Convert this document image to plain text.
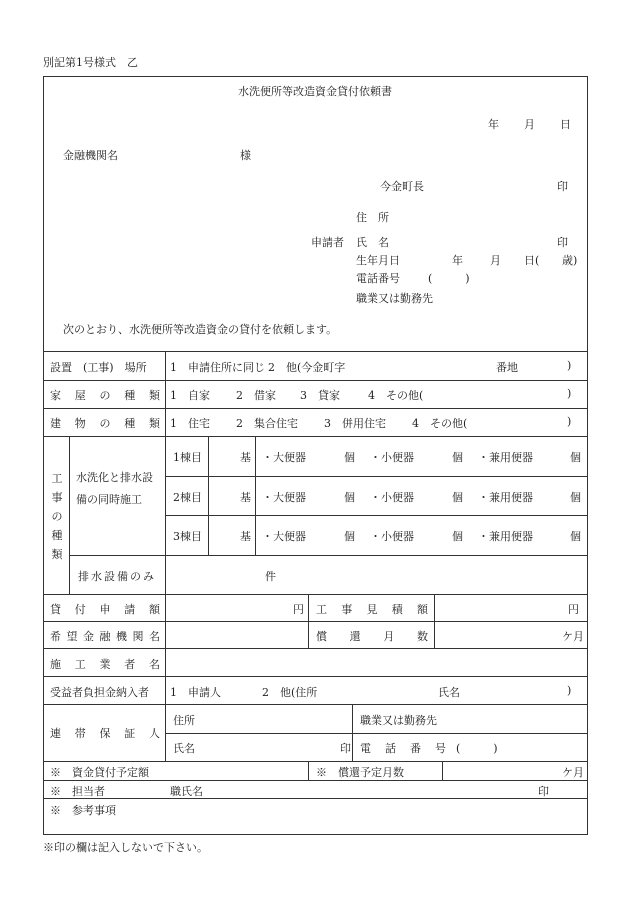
別記第1号様式　乙
水洗便所等改造資金貸付依頼書
年 月 日
金融機関名	様
今金町長	印
住　所
申請者 氏　名	印
生年月日	年 月 日( 歳)
電話番号	(　　　)
職業又は勤務先
次のとおり、水洗便所等改造資金の貸付を依頼します。
設置　(工事)　場所 1　申請住所に同じ 2　他(今金町字	番地	)
家 屋 の 種 類 1　自家 2　借家 3　貸家	4　その他(	)
建 物 の 種 類 1　住宅 2　集合住宅 3　併用住宅 4　その他(	)
工
事
の
種
類
水洗化と排水設
備の同時施工
1棟目	基 ・大便器	個 ・小便器	個 ・兼用便器	個
2棟目	基 ・大便器	個 ・小便器	個 ・兼用便器	個
3棟目	基 ・大便器	個 ・小便器	個 ・兼用便器	個
排水設備のみ	件
貸 付 申 請 額	円 工 事 見 積 額	円
希 望 金 融 機 関 名	償 還 月 数	ケ月
施 工 業 者 名
受益者負担金納入者 1　申請人	2　他(住所	氏名	)
連 帯 保 証 人
住所	職業又は勤務先
氏名	印 電 話 番 号 (　　　)
※　資金貸付予定額	※　償還予定月数	ケ月
※　担当者	職氏名	印
※　参考事項
※印の欄は記入しないで下さい。
